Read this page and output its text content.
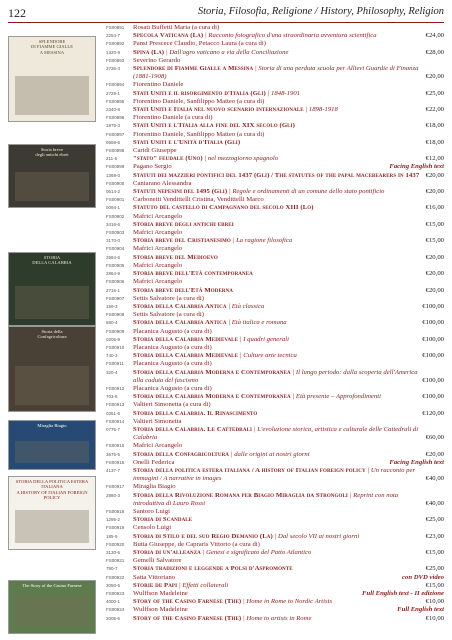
122	Storia, Filosofia, Religione / History, Philosophy, Religion
SPLENDORE
DI FIAMME GIALLE
A MESSINA
Storia breve
degli antichi ebrei
STORIA
DELLA CALABRIA
Storia della
Confagricoltura
Miraglia Biagio
STORIA DELLA POLITICA ESTERA ITALIANA
A HISTORY OF ITALIAN FOREIGN POLICY
The Story of the Casino Farnese
FS00891
2254-7
Rosati Buffetti Maria (a cura di)
Specola Vaticana (La) | Racconto fotografico d'una straordinaria avventura scientifica	€24,00
FS00892
1320-9
Pansi Prescece Claudio, Petacco Laura (a cura di)
Spina (La) | Dall'agro vaticano a via della Conciliazione	€28,00
FS00893
3736-3
Severino Gerardo
Splendore di Fiamme Gialle a Messina | Storia di una perduta scuola per Allievi Guardie di Finanza (1881-1908)	€20,00
FS00894
2729-1
Fiorentino Daniele
Stati Uniti e il risorgimento d'Italia (Gli) | 1848-1901	€25,00
FS00895
2340-8
Fiorentino Daniele, Sanfilippo Matteo (a cura di)
Stati Uniti e Italia nel nuovo scenario internazionale | 1898-1918	€22,00
FS00896
1975-3
Fiorentino Daniele (a cura di)
Stati Uniti e l'Italia alla fine del XIX secolo (Gli)	€18,00
FS00897
0559-6
Fiorentino Daniele, Sanfilippo Matteo (a cura di)
Stati Uniti e l'Unità d'Italia (Gli)	€18,00
FS00898
211-5
Caridi Giuseppe
"stato" feudale (Uno) | nel mezzogiorno spagnolo	€12,00
FS00899
1369-0
Pagano Sergio	Facing English text
Statuti dei mazzieri pontifici del 1437 (Gli) / The statutes of the papal macebearers in 1437 €20,00
FS00900
0614-2
Cantarano Alessandra
Statuti nepesini del 1495 (Gli) | Regole e ordinamenti di un comune dello stato pontificio	€20,00
FS00901
0094-1
Carbonetti Vendittelli Cristina, Vendittelli Marco
Statuto del castello di Campagnano del secolo XIII (Lo)	€16,00
FS00902
3416-6
Mafrici Arcangelo
Storia breve degli antichi ebrei	€15,00
FS00903
3170-0
Mafrici Arcangelo
Storia breve del Cristianesimo | La ragione filosofica	€15,00
FS00904
2584-6
Mafrici Arcangelo
Storia breve del Medioevo	€20,00
FS00905
2864-9
Mafrici Arcangelo
Storia breve dell'Età contemporanea	€20,00
FS00906
2716-1
Mafrici Arcangelo
Storia breve dell'Età Moderna	€20,00
FS00907
159-3
Settis Salvatore (a cura di)
Storia della Calabria Antica | Età classica	€100,00
FS00908
580-4
Settis Salvatore (a cura di)
Storia della Calabria Antica | Età italica e romana	€100,00
FS00909
0206-9
Placanica Augusto (a cura di)
Storia della Calabria Medievale | I quadri generali	€100,00
FS00910
740-3
Placanica Augusto (a cura di)
Storia della Calabria Medievale | Culture arte tecnica	€100,00
FS00911
320-4
Placanica Augusto (a cura di)
Storia della Calabria Moderna e Contemporanea | Il lungo periodo: dalla scoperta dell'America alla caduta del fascismo	€100,00
FS00912
703-5
Placanica Augusto (a cura di)
Storia della Calabria Moderna e Contemporanea | Età presente – Approfondimenti	€100,00
FS00913
0351-6
Valtieri Simonetta (a cura di)
Storia della Calabria. Il Rinascimento	€120,00
FS00914
0776-7
Valtieri Simonetta
Storia della Calabria. Le Cattedrali | L'evoluzione storica, artistica e culturale delle Cattedrali di Calabria	€60,00
FS00915
3675-5
Mafrici Arcangelo
Storia della Confagricoltura | dalle origini ai nostri giorni	€20,00
FS00916
4137-7
Onelli Federica	Facing English text
Storia della politica estera italiana / A history of Italian foreign policy | Un racconto per immagini / A narrative in images	€40,00
FS00917
2880-3
Miraglia Biagio
Storia della Rivoluzione Romana per Biagio Miraglia da Strongoli | Reprint con nota introduttiva di Lauro Rossi	€40,00
FS00918
1295-2
Santoro Luigi
Storia di Scandale	€25,00
FS00919
185-9
Censolo Luigi
Storia di Stilo e del suo Regio Demanio (La) | Dal secolo VII ai nostri giorni	€23,00
FS00920
3130-6
Butta Giuseppe, de Capraris Vittorio (a cura di)
Storia di un'alleanza | Genesi e significato del Patto Atlantico	€15,00
FS00921
790-7
Gemelli Salvatore
Storia tradizioni e leggende a Polsi d'Aspromonte	€25,00
FS00922
3050-5
Satta Vittoriano	con DVD video
Storie de Papi | Effetti collaterali	€15,00
FS00923
4000-1
Wulffson Madeleine	Full English text - II edizione
Story of the Casino Farnese (The) | Home in Rome to Nordic Artists	€10,00
FS00924
2005-6
Wulffson Madeleine	Full English text
Story of the Casino Farnese (The) | Home to artists in Rome	€10,00
